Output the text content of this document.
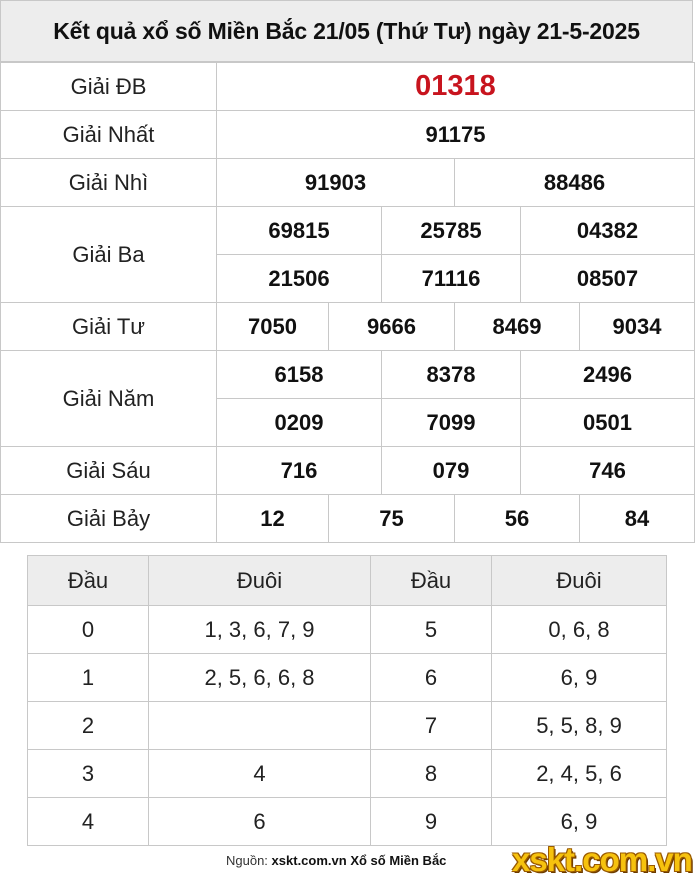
Kết quả xổ số Miền Bắc 21/05 (Thứ Tư) ngày 21-5-2025
Giải ĐB	01318					
Giải Nhất	91175					
Giải Nhì	91903			88486		
Giải Ba	69815		25785		04382	
	21506		71116		08507	
Giải Tư	7050	9666		8469		9034
Giải Năm	6158		8378		2496	
	0209		7099		0501	
Giải Sáu	716		079		746	
Giải Bảy	12	75		56		84
Đầu	Đuôi	Đầu	Đuôi
0	1, 3, 6, 7, 9	5	0, 6, 8
1	2, 5, 6, 6, 8	6	6, 9
2		7	5, 5, 8, 9
3	4	8	2, 4, 5, 6
4	6	9	6, 9
Nguồn: xskt.com.vn Xổ số Miền Bắc xskt.com.vn
